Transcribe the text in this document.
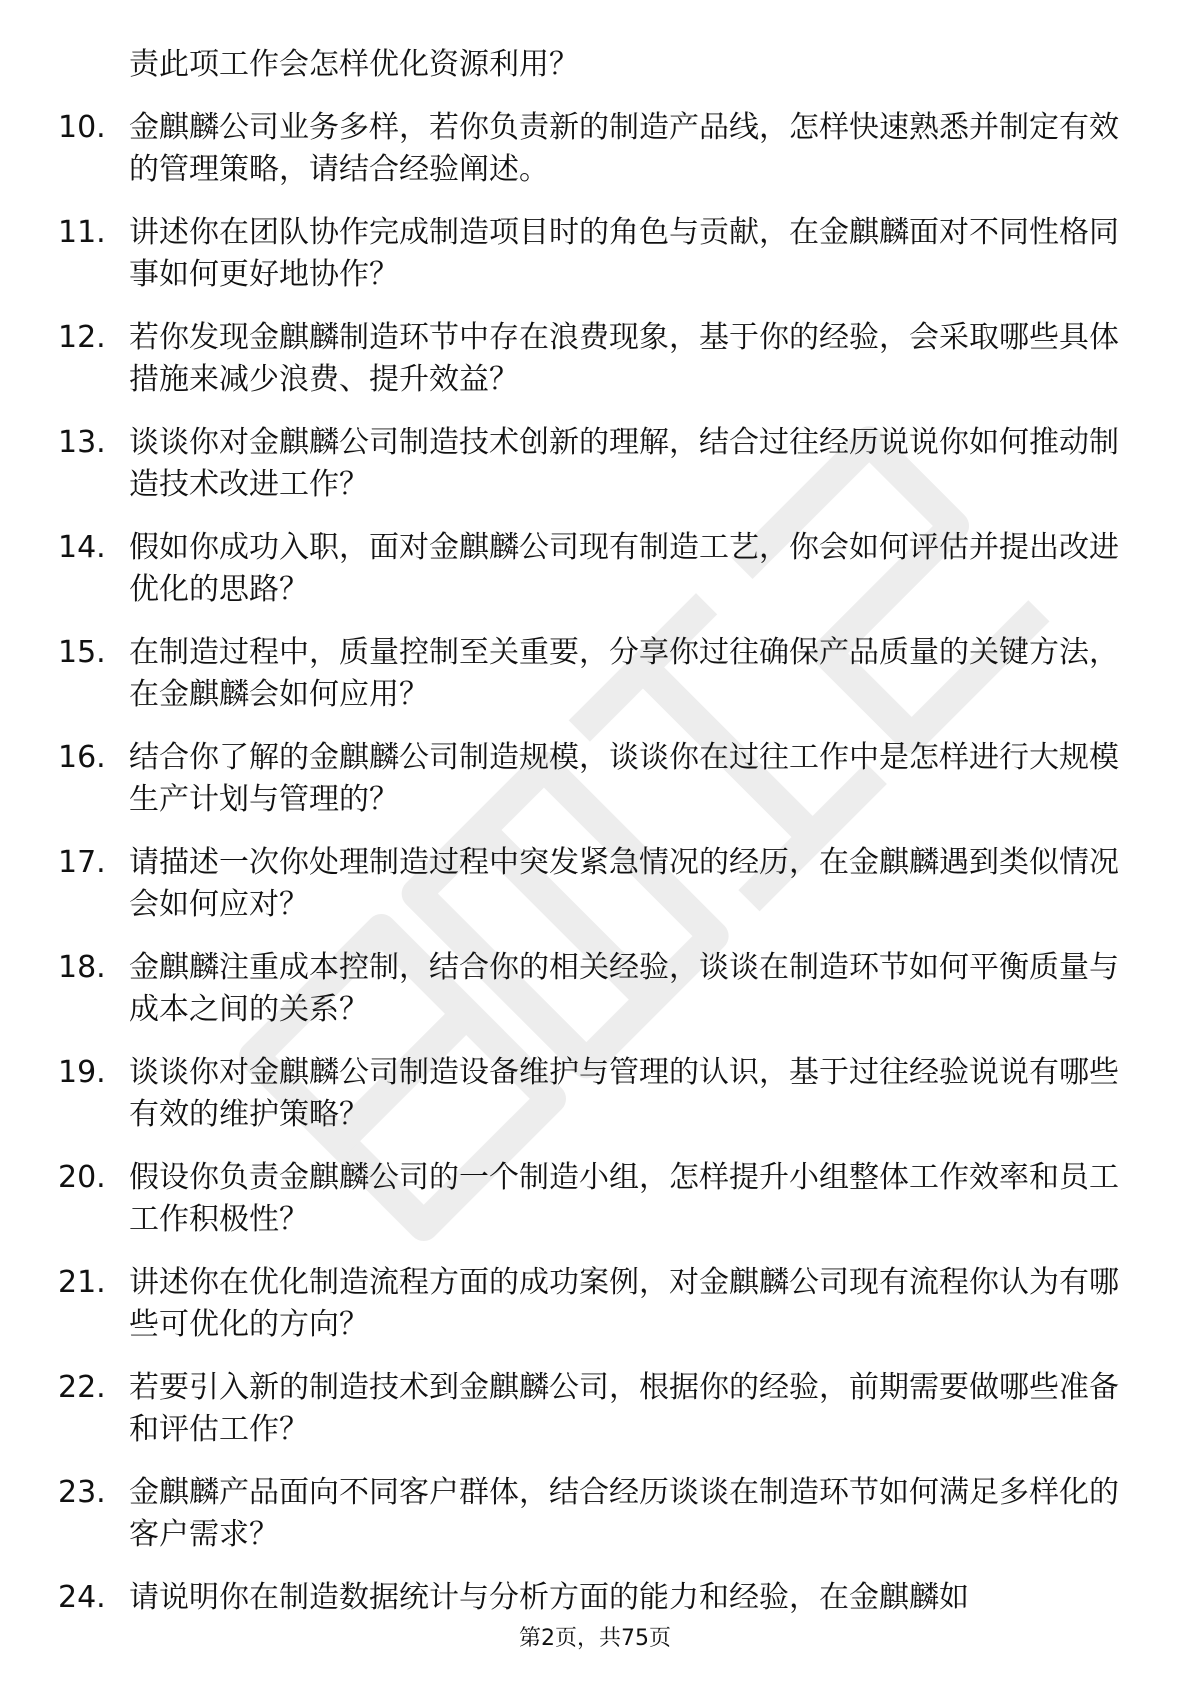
责此项工作会怎样优化资源利用？
10. 金麒麟公司业务多样，若你负责新的制造产品线，怎样快速熟悉并制定有效的管理策略，请结合经验阐述。
11. 讲述你在团队协作完成制造项目时的角色与贡献，在金麒麟面对不同性格同事如何更好地协作？
12. 若你发现金麒麟制造环节中存在浪费现象，基于你的经验，会采取哪些具体措施来减少浪费、提升效益？
13. 谈谈你对金麒麟公司制造技术创新的理解，结合过往经历说说你如何推动制造技术改进工作？
14. 假如你成功入职，面对金麒麟公司现有制造工艺，你会如何评估并提出改进优化的思路？
15. 在制造过程中，质量控制至关重要，分享你过往确保产品质量的关键方法，在金麒麟会如何应用？
16. 结合你了解的金麒麟公司制造规模，谈谈你在过往工作中是怎样进行大规模生产计划与管理的？
17. 请描述一次你处理制造过程中突发紧急情况的经历，在金麒麟遇到类似情况会如何应对？
18. 金麒麟注重成本控制，结合你的相关经验，谈谈在制造环节如何平衡质量与成本之间的关系？
19. 谈谈你对金麒麟公司制造设备维护与管理的认识，基于过往经验说说有哪些有效的维护策略？
20. 假设你负责金麒麟公司的一个制造小组，怎样提升小组整体工作效率和员工工作积极性？
21. 讲述你在优化制造流程方面的成功案例，对金麒麟公司现有流程你认为有哪些可优化的方向？
22. 若要引入新的制造技术到金麒麟公司，根据你的经验，前期需要做哪些准备和评估工作？
23. 金麒麟产品面向不同客户群体，结合经历谈谈在制造环节如何满足多样化的客户需求？
24. 请说明你在制造数据统计与分析方面的能力和经验，在金麒麟如
第2页，共75页
